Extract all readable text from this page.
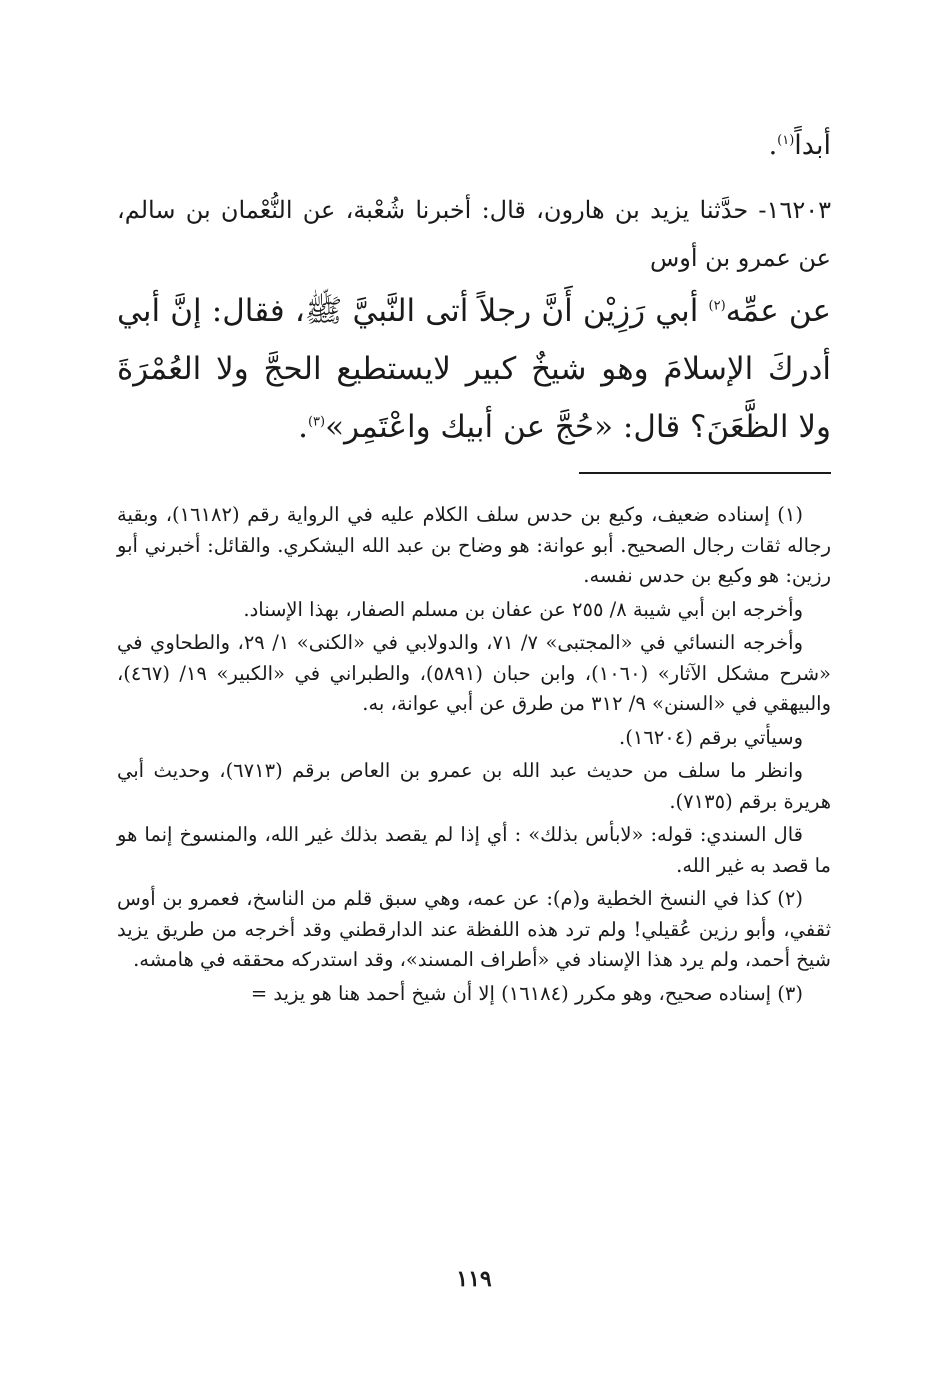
أبداً$^{(١)}$.
١٦٢٠٣- حدَّثنا يزيد بن هارون، قال: أخبرنا شُعْبة، عن النُّعْمان بن سالم، عن عمرو بن أوس
عن عمِّه$^{(٢)}$ أبي رَزِيْن أَنَّ رجلاً أتى النَّبيَّ ﷺ، فقال: إنَّ أبي أدركَ الإسلامَ وهو شيخٌ كبير لايستطيع الحجَّ ولا العُمْرَةَ ولا الظَّعَنَ؟ قال: «حُجَّ عن أبيك واعْتَمِر»$^{(٣)}$.

(١) إسناده ضعيف، وكيع بن حدس سلف الكلام عليه في الرواية رقم (١٦١٨٢)، وبقية رجاله ثقات رجال الصحيح. أبو عوانة: هو وضاح بن عبد الله اليشكري. والقائل: أخبرني أبو رزين: هو وكيع بن حدس نفسه.

وأخرجه ابن أبي شيبة ٨/ ٢٥٥ عن عفان بن مسلم الصفار، بهذا الإسناد.

وأخرجه النسائي في «المجتبى» ٧/ ٧١، والدولابي في «الكنى» ١/ ٢٩، والطحاوي في «شرح مشكل الآثار» (١٠٦٠)، وابن حبان (٥٨٩١)، والطبراني في «الكبير» ١٩/ (٤٦٧)، والبيهقي في «السنن» ٩/ ٣١٢ من طرق عن أبي عوانة، به.

وسيأتي برقم (١٦٢٠٤).

وانظر ما سلف من حديث عبد الله بن عمرو بن العاص برقم (٦٧١٣)، وحديث أبي هريرة برقم (٧١٣٥).

قال السندي: قوله: «لابأس بذلك» : أي إذا لم يقصد بذلك غير الله، والمنسوخ إنما هو ما قصد به غير الله.

(٢) كذا في النسخ الخطية و(م): عن عمه، وهي سبق قلم من الناسخ، فعمرو بن أوس ثقفي، وأبو رزين عُقيلي! ولم ترد هذه اللفظة عند الدارقطني وقد أخرجه من طريق يزيد شيخ أحمد، ولم يرد هذا الإسناد في «أطراف المسند»، وقد استدركه محققه في هامشه.

(٣) إسناده صحيح، وهو مكرر (١٦١٨٤) إلا أن شيخ أحمد هنا هو يزيد =

١١٩
